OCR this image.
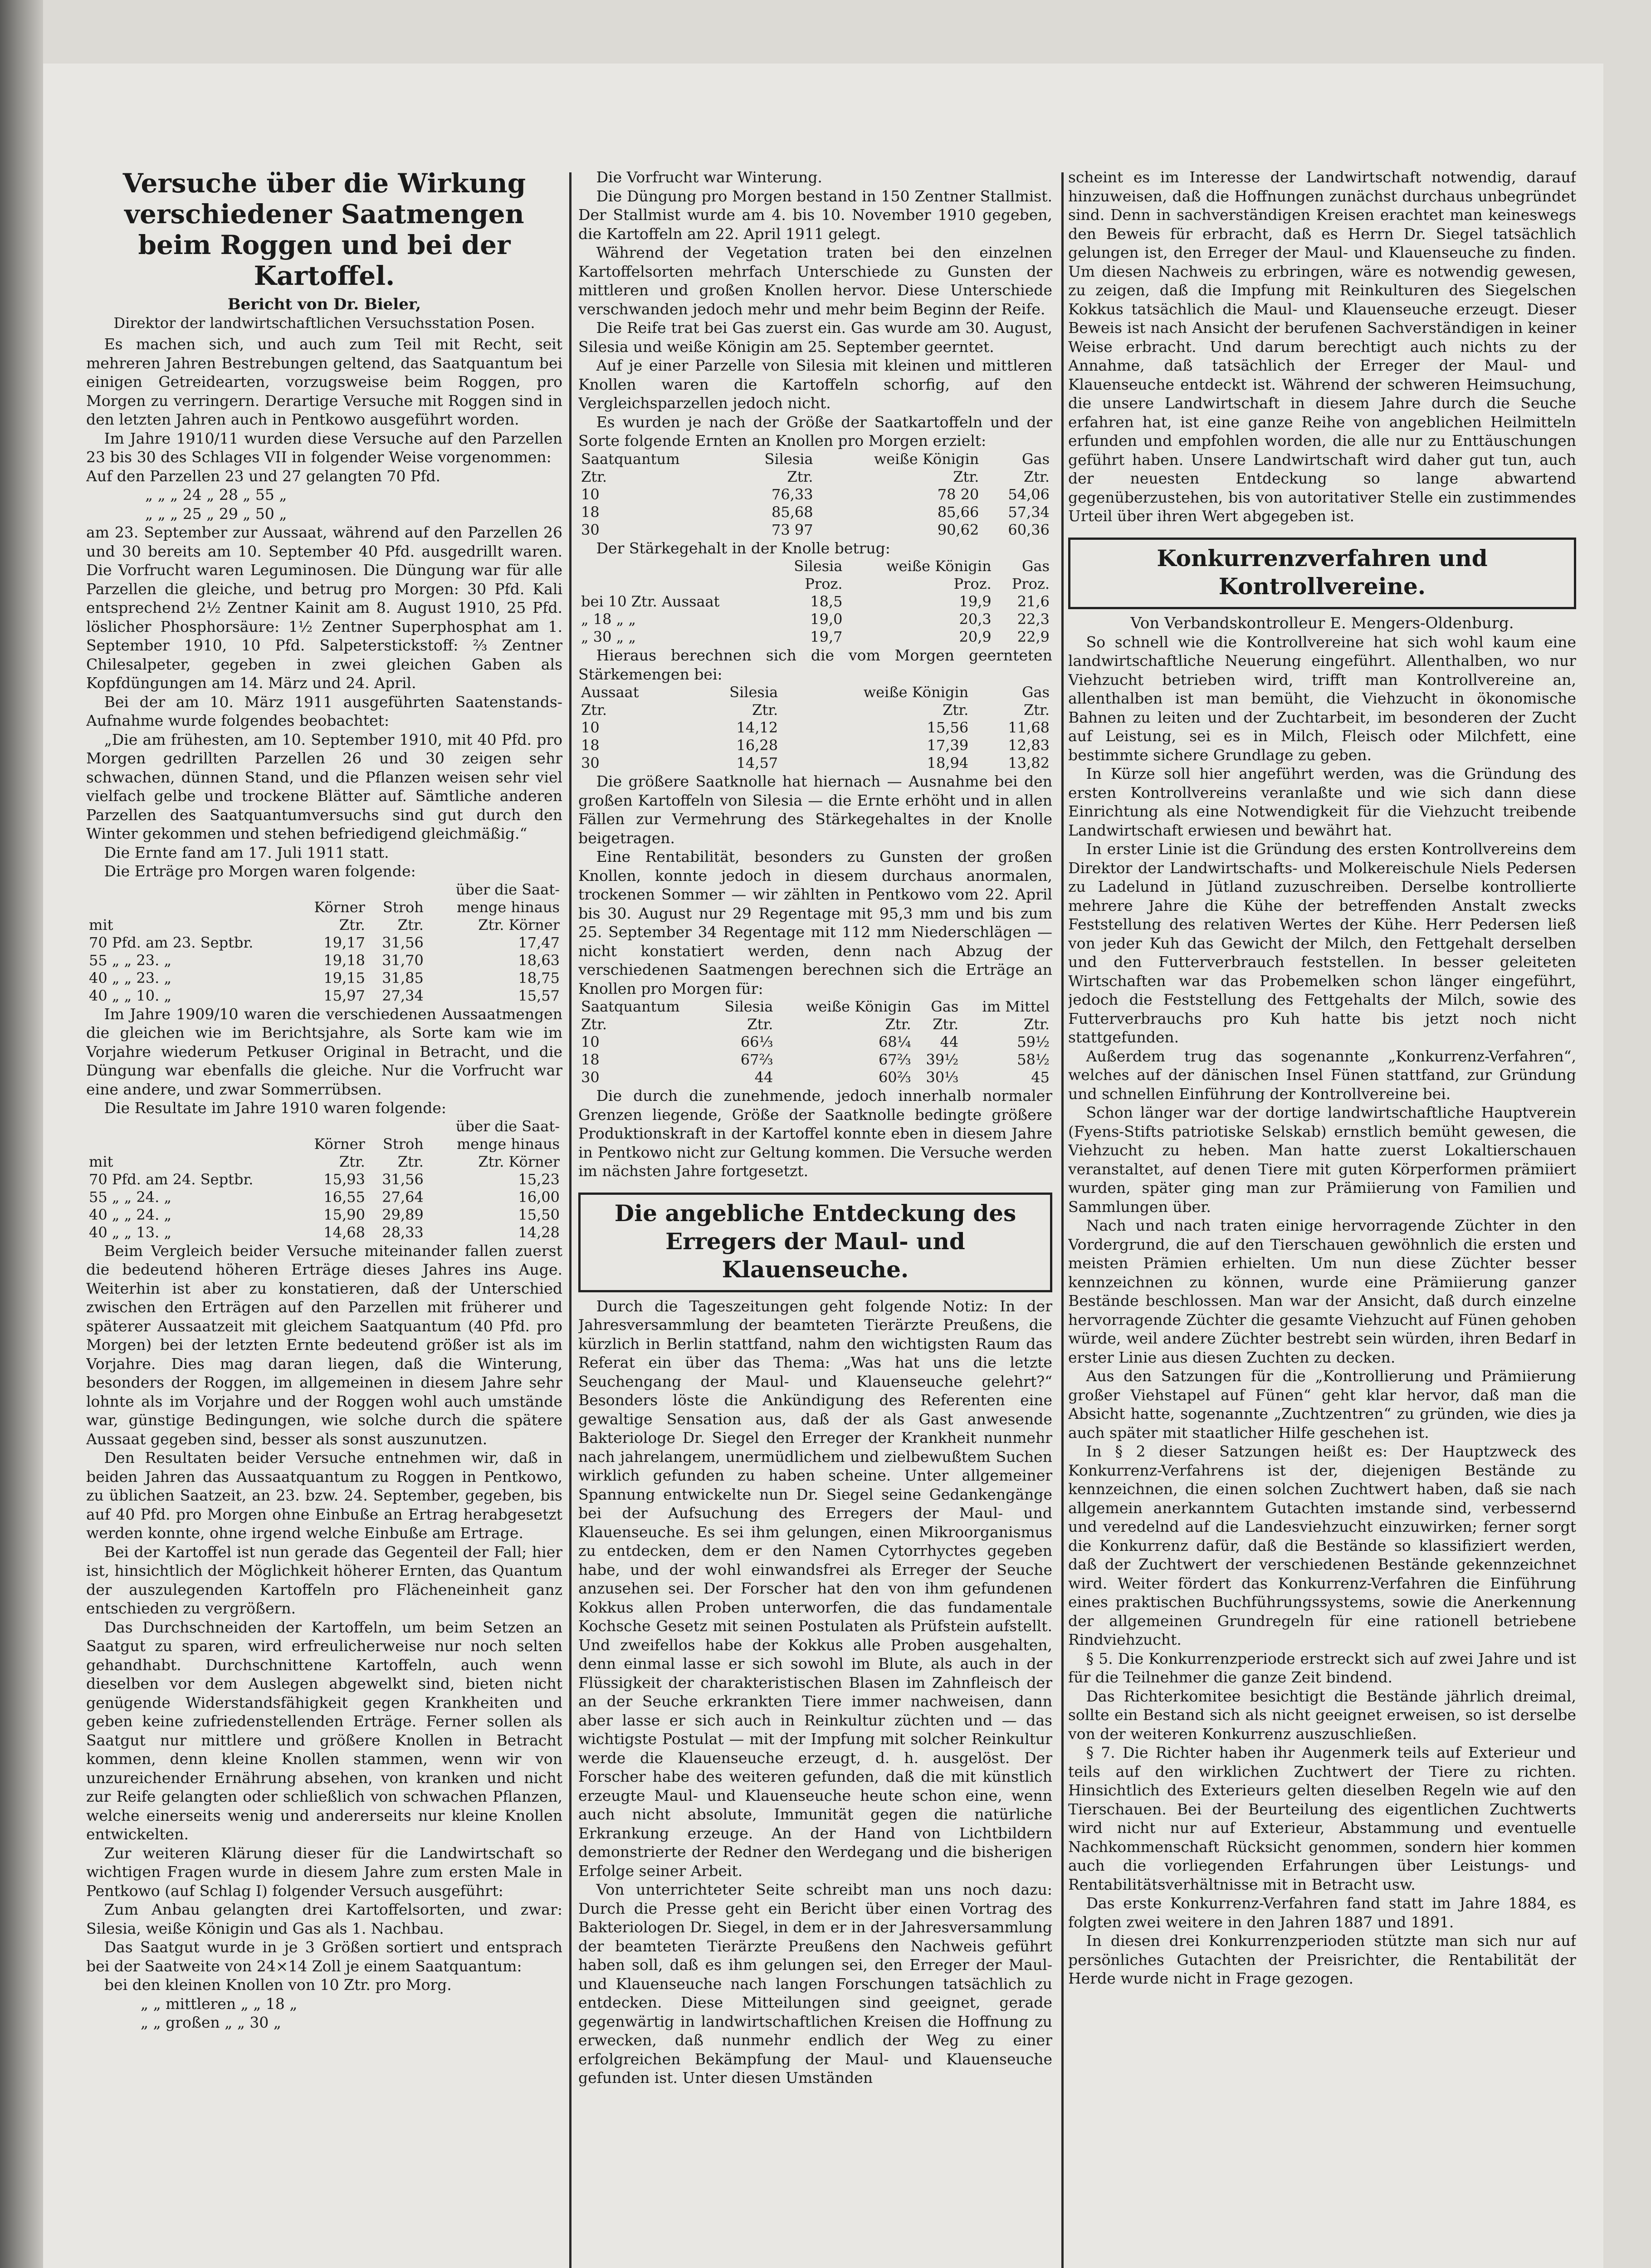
Versuche über die Wirkung verschiedener Saatmengen beim Roggen und bei der Kartoffel.
Bericht von Dr. Bieler,
Direktor der landwirtschaftlichen Versuchsstation Posen.

Es machen sich, und auch zum Teil mit Recht, seit mehreren Jahren Bestrebungen geltend, das Saatquantum bei einigen Getreidearten, vorzugsweise beim Roggen, pro Morgen zu verringern. Derartige Versuche mit Roggen sind in den letzten Jahren auch in Pentkowo ausgeführt worden.

Im Jahre 1910/11 wurden diese Versuche auf den Parzellen 23 bis 30 des Schlages VII in folgender Weise vorgenommen:

Auf den Parzellen 23 und 27 gelangten 70 Pfd.

„ „ „ 24 „ 28 „ 55 „

„ „ „ 25 „ 29 „ 50 „

am 23. September zur Aussaat, während auf den Parzellen 26 und 30 bereits am 10. September 40 Pfd. ausgedrillt waren. Die Vorfrucht waren Leguminosen. Die Düngung war für alle Parzellen die gleiche, und betrug pro Morgen: 30 Pfd. Kali entsprechend 2½ Zentner Kainit am 8. August 1910, 25 Pfd. löslicher Phosphorsäure: 1½ Zentner Superphosphat am 1. September 1910, 10 Pfd. Salpeterstickstoff: ⅔ Zentner Chilesalpeter, gegeben in zwei gleichen Gaben als Kopfdüngungen am 14. März und 24. April.

Bei der am 10. März 1911 ausgeführten Saatenstands-Aufnahme wurde folgendes beobachtet:

„Die am frühesten, am 10. September 1910, mit 40 Pfd. pro Morgen gedrillten Parzellen 26 und 30 zeigen sehr schwachen, dünnen Stand, und die Pflanzen weisen sehr viel vielfach gelbe und trockene Blätter auf. Sämtliche anderen Parzellen des Saatquantumversuchs sind gut durch den Winter gekommen und stehen befriedigend gleichmäßig.“

Die Ernte fand am 17. Juli 1911 statt.

Die Erträge pro Morgen waren folgende:

			über die Saat-
	Körner	Stroh	menge hinaus
mit	Ztr.	Ztr.	Ztr. Körner
70 Pfd. am 23. Septbr.	19,17	31,56	17,47
55 „ „ 23. „	19,18	31,70	18,63
40 „ „ 23. „	19,15	31,85	18,75
40 „ „ 10. „	15,97	27,34	15,57

Im Jahre 1909/10 waren die verschiedenen Aussaatmengen die gleichen wie im Berichtsjahre, als Sorte kam wie im Vorjahre wiederum Petkuser Original in Betracht, und die Düngung war ebenfalls die gleiche. Nur die Vorfrucht war eine andere, und zwar Sommerrübsen.

Die Resultate im Jahre 1910 waren folgende:

			über die Saat-
	Körner	Stroh	menge hinaus
mit	Ztr.	Ztr.	Ztr. Körner
70 Pfd. am 24. Septbr.	15,93	31,56	15,23
55 „ „ 24. „	16,55	27,64	16,00
40 „ „ 24. „	15,90	29,89	15,50
40 „ „ 13. „	14,68	28,33	14,28

Beim Vergleich beider Versuche miteinander fallen zuerst die bedeutend höheren Erträge dieses Jahres ins Auge. Weiterhin ist aber zu konstatieren, daß der Unterschied zwischen den Erträgen auf den Parzellen mit früherer und späterer Aussaatzeit mit gleichem Saatquantum (40 Pfd. pro Morgen) bei der letzten Ernte bedeutend größer ist als im Vorjahre. Dies mag daran liegen, daß die Winterung, besonders der Roggen, im allgemeinen in diesem Jahre sehr lohnte als im Vorjahre und der Roggen wohl auch umstände war, günstige Bedingungen, wie solche durch die spätere Aussaat gegeben sind, besser als sonst auszunutzen.

Den Resultaten beider Versuche entnehmen wir, daß in beiden Jahren das Aussaatquantum zu Roggen in Pentkowo, zu üblichen Saatzeit, an 23. bzw. 24. September, gegeben, bis auf 40 Pfd. pro Morgen ohne Einbuße an Ertrag herabgesetzt werden konnte, ohne irgend welche Einbuße am Ertrage.

Bei der Kartoffel ist nun gerade das Gegenteil der Fall; hier ist, hinsichtlich der Möglichkeit höherer Ernten, das Quantum der auszulegenden Kartoffeln pro Flächeneinheit ganz entschieden zu vergrößern.

Das Durchschneiden der Kartoffeln, um beim Setzen an Saatgut zu sparen, wird erfreulicherweise nur noch selten gehandhabt. Durchschnittene Kartoffeln, auch wenn dieselben vor dem Auslegen abgewelkt sind, bieten nicht genügende Widerstandsfähigkeit gegen Krankheiten und geben keine zufriedenstellenden Erträge. Ferner sollen als Saatgut nur mittlere und größere Knollen in Betracht kommen, denn kleine Knollen stammen, wenn wir von unzureichender Ernährung absehen, von kranken und nicht zur Reife gelangten oder schließlich von schwachen Pflanzen, welche einerseits wenig und andererseits nur kleine Knollen entwickelten.

Zur weiteren Klärung dieser für die Landwirtschaft so wichtigen Fragen wurde in diesem Jahre zum ersten Male in Pentkowo (auf Schlag I) folgender Versuch ausgeführt:

Zum Anbau gelangten drei Kartoffelsorten, und zwar: Silesia, weiße Königin und Gas als 1. Nachbau.

Das Saatgut wurde in je 3 Größen sortiert und entsprach bei der Saatweite von 24×14 Zoll je einem Saatquantum:

bei den kleinen Knollen von 10 Ztr. pro Morg.

„ „ mittleren „ „ 18 „

„ „ großen „ „ 30 „

Die Vorfrucht war Winterung.

Die Düngung pro Morgen bestand in 150 Zentner Stallmist. Der Stallmist wurde am 4. bis 10. November 1910 gegeben, die Kartoffeln am 22. April 1911 gelegt.

Während der Vegetation traten bei den einzelnen Kartoffelsorten mehrfach Unterschiede zu Gunsten der mittleren und großen Knollen hervor. Diese Unterschiede verschwanden jedoch mehr und mehr beim Beginn der Reife.

Die Reife trat bei Gas zuerst ein. Gas wurde am 30. August, Silesia und weiße Königin am 25. September geerntet.

Auf je einer Parzelle von Silesia mit kleinen und mittleren Knollen waren die Kartoffeln schorfig, auf den Vergleichsparzellen jedoch nicht.

Es wurden je nach der Größe der Saatkartoffeln und der Sorte folgende Ernten an Knollen pro Morgen erzielt:

Saatquantum	Silesia	weiße Königin	Gas
Ztr.	Ztr.	Ztr.	Ztr.
10	76,33	78 20	54,06
18	85,68	85,66	57,34
30	73 97	90,62	60,36

Der Stärkegehalt in der Knolle betrug:

	Silesia	weiße Königin	Gas
	Proz.	Proz.	Proz.
bei 10 Ztr. Aussaat	18,5	19,9	21,6
„ 18 „ „	19,0	20,3	22,3
„ 30 „ „	19,7	20,9	22,9

Hieraus berechnen sich die vom Morgen geernteten Stärkemengen bei:

Aussaat	Silesia	weiße Königin	Gas
Ztr.	Ztr.	Ztr.	Ztr.
10	14,12	15,56	11,68
18	16,28	17,39	12,83
30	14,57	18,94	13,82

Die größere Saatknolle hat hiernach — Ausnahme bei den großen Kartoffeln von Silesia — die Ernte erhöht und in allen Fällen zur Vermehrung des Stärkegehaltes in der Knolle beigetragen.

Eine Rentabilität, besonders zu Gunsten der großen Knollen, konnte jedoch in diesem durchaus anormalen, trockenen Sommer — wir zählten in Pentkowo vom 22. April bis 30. August nur 29 Regentage mit 95,3 mm und bis zum 25. September 34 Regentage mit 112 mm Niederschlägen — nicht konstatiert werden, denn nach Abzug der verschiedenen Saatmengen berechnen sich die Erträge an Knollen pro Morgen für:

Saatquantum	Silesia	weiße Königin	Gas	im Mittel
Ztr.	Ztr.	Ztr.	Ztr.	Ztr.
10	66⅓	68¼	44	59½
18	67⅔	67⅔	39½	58½
30	44	60⅔	30⅓	45

Die durch die zunehmende, jedoch innerhalb normaler Grenzen liegende, Größe der Saatknolle bedingte größere Produktionskraft in der Kartoffel konnte eben in diesem Jahre in Pentkowo nicht zur Geltung kommen. Die Versuche werden im nächsten Jahre fortgesetzt.

Die angebliche Entdeckung des Erregers der Maul- und Klauenseuche.

Durch die Tageszeitungen geht folgende Notiz: In der Jahresversammlung der beamteten Tierärzte Preußens, die kürzlich in Berlin stattfand, nahm den wichtigsten Raum das Referat ein über das Thema: „Was hat uns die letzte Seuchengang der Maul- und Klauenseuche gelehrt?“ Besonders löste die Ankündigung des Referenten eine gewaltige Sensation aus, daß der als Gast anwesende Bakteriologe Dr. Siegel den Erreger der Krankheit nunmehr nach jahrelangem, unermüdlichem und zielbewußtem Suchen wirklich gefunden zu haben scheine. Unter allgemeiner Spannung entwickelte nun Dr. Siegel seine Gedankengänge bei der Aufsuchung des Erregers der Maul- und Klauenseuche. Es sei ihm gelungen, einen Mikroorganismus zu entdecken, dem er den Namen Cytorrhyctes gegeben habe, und der wohl einwandsfrei als Erreger der Seuche anzusehen sei. Der Forscher hat den von ihm gefundenen Kokkus allen Proben unterworfen, die das fundamentale Kochsche Gesetz mit seinen Postulaten als Prüfstein aufstellt. Und zweifellos habe der Kokkus alle Proben ausgehalten, denn einmal lasse er sich sowohl im Blute, als auch in der Flüssigkeit der charakteristischen Blasen im Zahnfleisch der an der Seuche erkrankten Tiere immer nachweisen, dann aber lasse er sich auch in Reinkultur züchten und — das wichtigste Postulat — mit der Impfung mit solcher Reinkultur werde die Klauenseuche erzeugt, d. h. ausgelöst. Der Forscher habe des weiteren gefunden, daß die mit künstlich erzeugte Maul- und Klauenseuche heute schon eine, wenn auch nicht absolute, Immunität gegen die natürliche Erkrankung erzeuge. An der Hand von Lichtbildern demonstrierte der Redner den Werdegang und die bisherigen Erfolge seiner Arbeit.

Von unterrichteter Seite schreibt man uns noch dazu: Durch die Presse geht ein Bericht über einen Vortrag des Bakteriologen Dr. Siegel, in dem er in der Jahresversammlung der beamteten Tierärzte Preußens den Nachweis geführt haben soll, daß es ihm gelungen sei, den Erreger der Maul- und Klauenseuche nach langen Forschungen tatsächlich zu entdecken. Diese Mitteilungen sind geeignet, gerade gegenwärtig in landwirtschaftlichen Kreisen die Hoffnung zu erwecken, daß nunmehr endlich der Weg zu einer erfolgreichen Bekämpfung der Maul- und Klauenseuche gefunden ist. Unter diesen Umständen

scheint es im Interesse der Landwirtschaft notwendig, darauf hinzuweisen, daß die Hoffnungen zunächst durchaus unbegründet sind. Denn in sachverständigen Kreisen erachtet man keineswegs den Beweis für erbracht, daß es Herrn Dr. Siegel tatsächlich gelungen ist, den Erreger der Maul- und Klauenseuche zu finden. Um diesen Nachweis zu erbringen, wäre es notwendig gewesen, zu zeigen, daß die Impfung mit Reinkulturen des Siegelschen Kokkus tatsächlich die Maul- und Klauenseuche erzeugt. Dieser Beweis ist nach Ansicht der berufenen Sachverständigen in keiner Weise erbracht. Und darum berechtigt auch nichts zu der Annahme, daß tatsächlich der Erreger der Maul- und Klauenseuche entdeckt ist. Während der schweren Heimsuchung, die unsere Landwirtschaft in diesem Jahre durch die Seuche erfahren hat, ist eine ganze Reihe von angeblichen Heilmitteln erfunden und empfohlen worden, die alle nur zu Enttäuschungen geführt haben. Unsere Landwirtschaft wird daher gut tun, auch der neuesten Entdeckung so lange abwartend gegenüberzustehen, bis von autoritativer Stelle ein zustimmendes Urteil über ihren Wert abgegeben ist.

Konkurrenzverfahren und Kontrollvereine.
Von Verbandskontrolleur E. Mengers-Oldenburg.

So schnell wie die Kontrollvereine hat sich wohl kaum eine landwirtschaftliche Neuerung eingeführt. Allenthalben, wo nur Viehzucht betrieben wird, trifft man Kontrollvereine an, allenthalben ist man bemüht, die Viehzucht in ökonomische Bahnen zu leiten und der Zuchtarbeit, im besonderen der Zucht auf Leistung, sei es in Milch, Fleisch oder Milchfett, eine bestimmte sichere Grundlage zu geben.

In Kürze soll hier angeführt werden, was die Gründung des ersten Kontrollvereins veranlaßte und wie sich dann diese Einrichtung als eine Notwendigkeit für die Viehzucht treibende Landwirtschaft erwiesen und bewährt hat.

In erster Linie ist die Gründung des ersten Kontrollvereins dem Direktor der Landwirtschafts- und Molkereischule Niels Pedersen zu Ladelund in Jütland zuzuschreiben. Derselbe kontrollierte mehrere Jahre die Kühe der betreffenden Anstalt zwecks Feststellung des relativen Wertes der Kühe. Herr Pedersen ließ von jeder Kuh das Gewicht der Milch, den Fettgehalt derselben und den Futterverbrauch feststellen. In besser geleiteten Wirtschaften war das Probemelken schon länger eingeführt, jedoch die Feststellung des Fettgehalts der Milch, sowie des Futterverbrauchs pro Kuh hatte bis jetzt noch nicht stattgefunden.

Außerdem trug das sogenannte „Konkurrenz-Verfahren“, welches auf der dänischen Insel Fünen stattfand, zur Gründung und schnellen Einführung der Kontrollvereine bei.

Schon länger war der dortige landwirtschaftliche Hauptverein (Fyens-Stifts patriotiske Selskab) ernstlich bemüht gewesen, die Viehzucht zu heben. Man hatte zuerst Lokaltierschauen veranstaltet, auf denen Tiere mit guten Körperformen prämiiert wurden, später ging man zur Prämiierung von Familien und Sammlungen über.

Nach und nach traten einige hervorragende Züchter in den Vordergrund, die auf den Tierschauen gewöhnlich die ersten und meisten Prämien erhielten. Um nun diese Züchter besser kennzeichnen zu können, wurde eine Prämiierung ganzer Bestände beschlossen. Man war der Ansicht, daß durch einzelne hervorragende Züchter die gesamte Viehzucht auf Fünen gehoben würde, weil andere Züchter bestrebt sein würden, ihren Bedarf in erster Linie aus diesen Zuchten zu decken.

Aus den Satzungen für die „Kontrollierung und Prämiierung großer Viehstapel auf Fünen“ geht klar hervor, daß man die Absicht hatte, sogenannte „Zuchtzentren“ zu gründen, wie dies ja auch später mit staatlicher Hilfe geschehen ist.

In § 2 dieser Satzungen heißt es: Der Hauptzweck des Konkurrenz-Verfahrens ist der, diejenigen Bestände zu kennzeichnen, die einen solchen Zuchtwert haben, daß sie nach allgemein anerkanntem Gutachten imstande sind, verbessernd und veredelnd auf die Landesviehzucht einzuwirken; ferner sorgt die Konkurrenz dafür, daß die Bestände so klassifiziert werden, daß der Zuchtwert der verschiedenen Bestände gekennzeichnet wird. Weiter fördert das Konkurrenz-Verfahren die Einführung eines praktischen Buchführungssystems, sowie die Anerkennung der allgemeinen Grundregeln für eine rationell betriebene Rindviehzucht.

§ 5. Die Konkurrenzperiode erstreckt sich auf zwei Jahre und ist für die Teilnehmer die ganze Zeit bindend.

Das Richterkomitee besichtigt die Bestände jährlich dreimal, sollte ein Bestand sich als nicht geeignet erweisen, so ist derselbe von der weiteren Konkurrenz auszuschließen.

§ 7. Die Richter haben ihr Augenmerk teils auf Exterieur und teils auf den wirklichen Zuchtwert der Tiere zu richten. Hinsichtlich des Exterieurs gelten dieselben Regeln wie auf den Tierschauen. Bei der Beurteilung des eigentlichen Zuchtwerts wird nicht nur auf Exterieur, Abstammung und eventuelle Nachkommenschaft Rücksicht genommen, sondern hier kommen auch die vorliegenden Erfahrungen über Leistungs- und Rentabilitätsverhältnisse mit in Betracht usw.

Das erste Konkurrenz-Verfahren fand statt im Jahre 1884, es folgten zwei weitere in den Jahren 1887 und 1891.

In diesen drei Konkurrenzperioden stützte man sich nur auf persönliches Gutachten der Preisrichter, die Rentabilität der Herde wurde nicht in Frage gezogen.
